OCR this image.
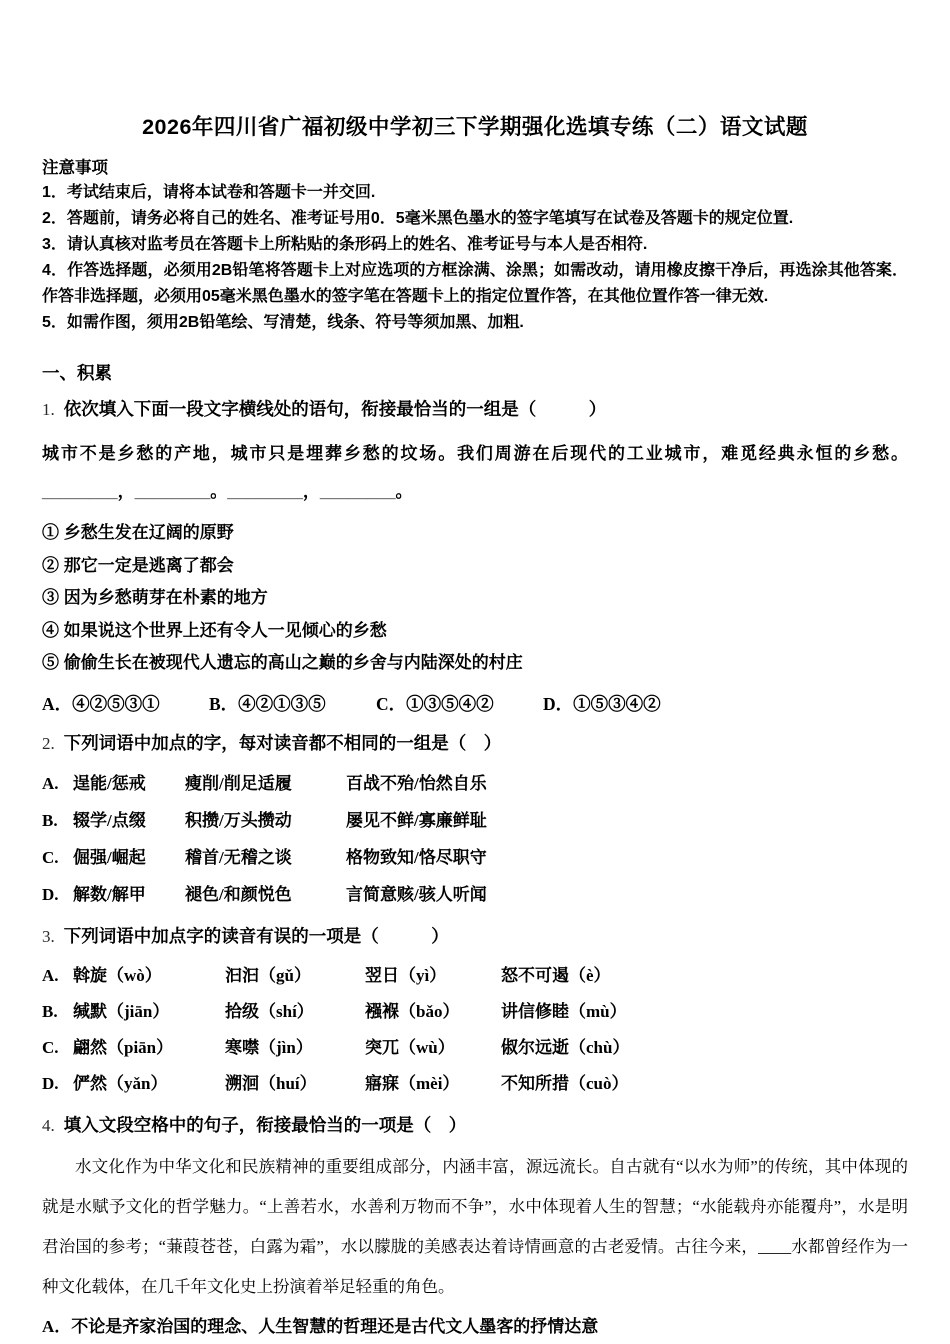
2026年四川省广福初级中学初三下学期强化选填专练（二）语文试题
注意事项
1．考试结束后，请将本试卷和答题卡一并交回.
2．答题前，请务必将自己的姓名、准考证号用0．5毫米黑色墨水的签字笔填写在试卷及答题卡的规定位置.
3．请认真核对监考员在答题卡上所粘贴的条形码上的姓名、准考证号与本人是否相符.
4．作答选择题，必须用2B铅笔将答题卡上对应选项的方框涂满、涂黑；如需改动，请用橡皮擦干净后，再选涂其他答案．作答非选择题，必须用05毫米黑色墨水的签字笔在答题卡上的指定位置作答，在其他位置作答一律无效.
5．如需作图，须用2B铅笔绘、写清楚，线条、符号等须加黑、加粗.
一、积累
1. 依次填入下面一段文字横线处的语句，衔接最恰当的一组是（　　　）
城市不是乡愁的产地，城市只是埋葬乡愁的坟场。我们周游在后现代的工业城市，难觅经典永恒的乡愁。________，________。________，________。
① 乡愁生发在辽阔的原野
② 那它一定是逃离了都会
③ 因为乡愁萌芽在朴素的地方
④ 如果说这个世界上还有令人一见倾心的乡愁
⑤ 偷偷生长在被现代人遗忘的高山之巅的乡舍与内陆深处的村庄
A．④②⑤③①	B．④②①③⑤	C．①③⑤④②	D．①⑤③④②
2. 下列词语中加点的字，每对读音都不相同的一组是（　）
A. 逞能/惩戒	瘦削/削足适履	百战不殆/怡然自乐
B. 辍学/点缀	积攒/万头攒动	屡见不鲜/寡廉鲜耻
C. 倔强/崛起	稽首/无稽之谈	格物致知/恪尽职守
D. 解数/解甲	褪色/和颜悦色	言简意赅/骇人听闻
3. 下列词语中加点字的读音有误的一项是（　　　）
A. 斡旋（wò）	汩汩（gǔ）	翌日（yì）	怒不可遏（è）
B. 缄默（jiān）	拾级（shí）	襁褓（bǎo）	讲信修睦（mù）
C. 翩然（piān）	寒噤（jìn）	突兀（wù）	俶尔远逝（chù）
D. 俨然（yǎn）	溯洄（huí）	寤寐（mèi）	不知所措（cuò）
4. 填入文段空格中的句子，衔接最恰当的一项是（　）
水文化作为中华文化和民族精神的重要组成部分，内涵丰富，源远流长。自古就有“以水为师”的传统，其中体现的就是水赋予文化的哲学魅力。“上善若水，水善利万物而不争”，水中体现着人生的智慧；“水能载舟亦能覆舟”，水是明君治国的参考；“蒹葭苍苍，白露为霜”，水以朦胧的美感表达着诗情画意的古老爱情。古往今来，____水都曾经作为一种文化载体，在几千年文化史上扮演着举足轻重的角色。
A．不论是齐家治国的理念、人生智慧的哲理还是古代文人墨客的抒情达意
